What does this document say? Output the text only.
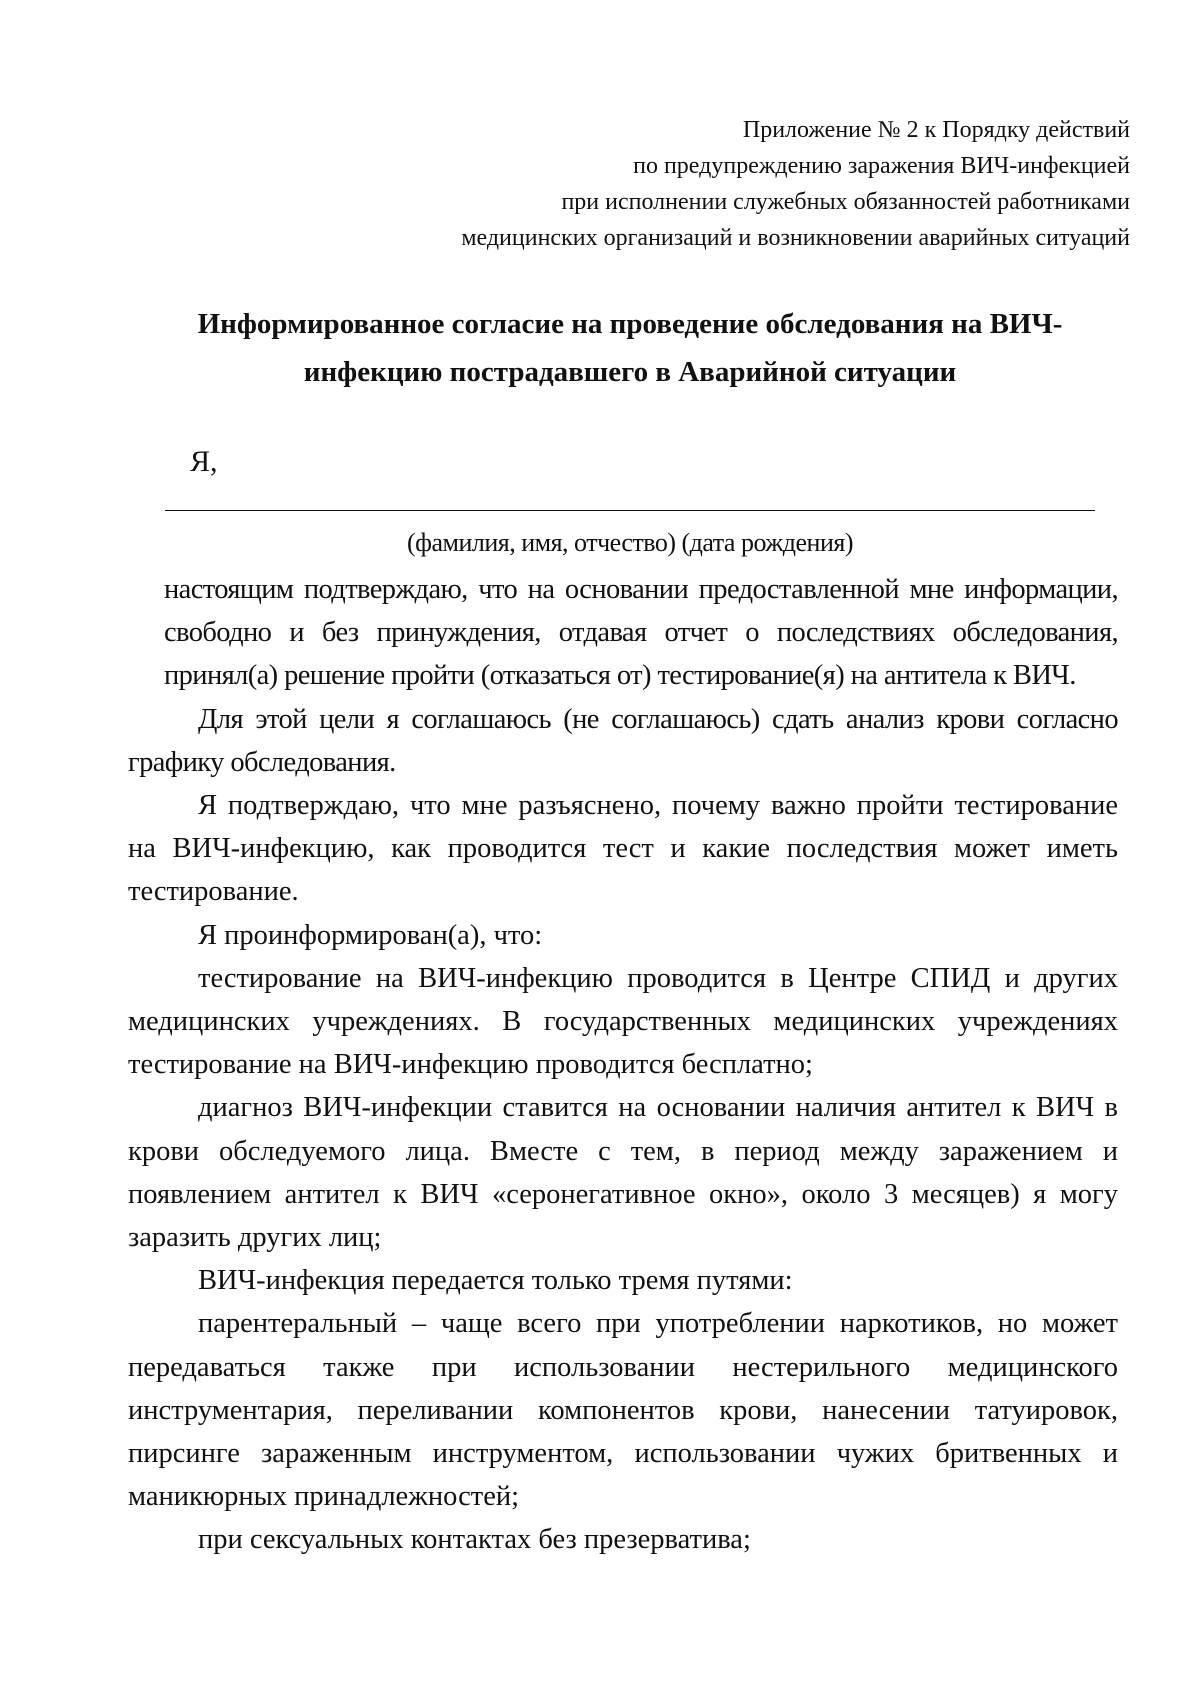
Приложение № 2 к Порядку действий
по предупреждению заражения ВИЧ-инфекцией
при исполнении служебных обязанностей работниками
медицинских организаций и возникновении аварийных ситуаций
Информированное согласие на проведение обследования на ВИЧ-
инфекцию пострадавшего в Аварийной ситуации
Я,
(фамилия, имя, отчество) (дата рождения)

настоящим подтверждаю, что на основании предоставленной мне информации, свободно и без принуждения, отдавая отчет о последствиях обследования, принял(а) решение пройти (отказаться от) тестирование(я) на антитела к ВИЧ.

Для этой цели я соглашаюсь (не соглашаюсь) сдать анализ крови согласно графику обследования.

Я подтверждаю, что мне разъяснено, почему важно пройти тестирование на ВИЧ-инфекцию, как проводится тест и какие последствия может иметь тестирование.

Я проинформирован(а), что:

тестирование на ВИЧ-инфекцию проводится в Центре СПИД и других медицинских учреждениях. В государственных медицинских учреждениях тестирование на ВИЧ-инфекцию проводится бесплатно;

диагноз ВИЧ-инфекции ставится на основании наличия антител к ВИЧ в крови обследуемого лица. Вместе с тем, в период между заражением и появлением антител к ВИЧ «серонегативное окно», около 3 месяцев) я могу заразить других лиц;

ВИЧ-инфекция передается только тремя путями:

парентеральный – чаще всего при употреблении наркотиков, но может передаваться также при использовании нестерильного медицинского инструментария, переливании компонентов крови, нанесении татуировок, пирсинге зараженным инструментом, использовании чужих бритвенных и маникюрных принадлежностей;

при сексуальных контактах без презерватива;
